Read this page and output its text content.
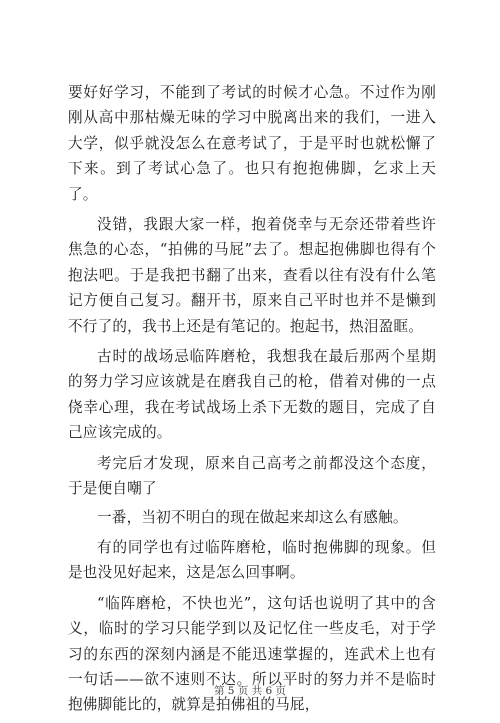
要好好学习，不能到了考试的时候才心急。不过作为刚刚从高中那枯燥无味的学习中脱离出来的我们，一进入大学，似乎就没怎么在意考试了，于是平时也就松懈了下来。到了考试心急了。也只有抱抱佛脚，乞求上天了。

没错，我跟大家一样，抱着侥幸与无奈还带着些许焦急的心态，“拍佛的马屁”去了。想起抱佛脚也得有个抱法吧。于是我把书翻了出来，查看以往有没有什么笔记方便自己复习。翻开书，原来自己平时也并不是懒到不行了的，我书上还是有笔记的。抱起书，热泪盈眶。

古时的战场忌临阵磨枪，我想我在最后那两个星期的努力学习应该就是在磨我自己的枪，借着对佛的一点侥幸心理，我在考试战场上杀下无数的题目，完成了自己应该完成的。

考完后才发现，原来自己高考之前都没这个态度，于是便自嘲了

一番，当初不明白的现在做起来却这么有感触。

有的同学也有过临阵磨枪，临时抱佛脚的现象。但是也没见好起来，这是怎么回事啊。

“临阵磨枪，不快也光”，这句话也说明了其中的含义，临时的学习只能学到以及记忆住一些皮毛，对于学习的东西的深刻内涵是不能迅速掌握的，连武术上也有一句话——欲不速则不达。所以平时的努力并不是临时抱佛脚能比的，就算是拍佛祖的马屁，

第 5 页 共 6 页
